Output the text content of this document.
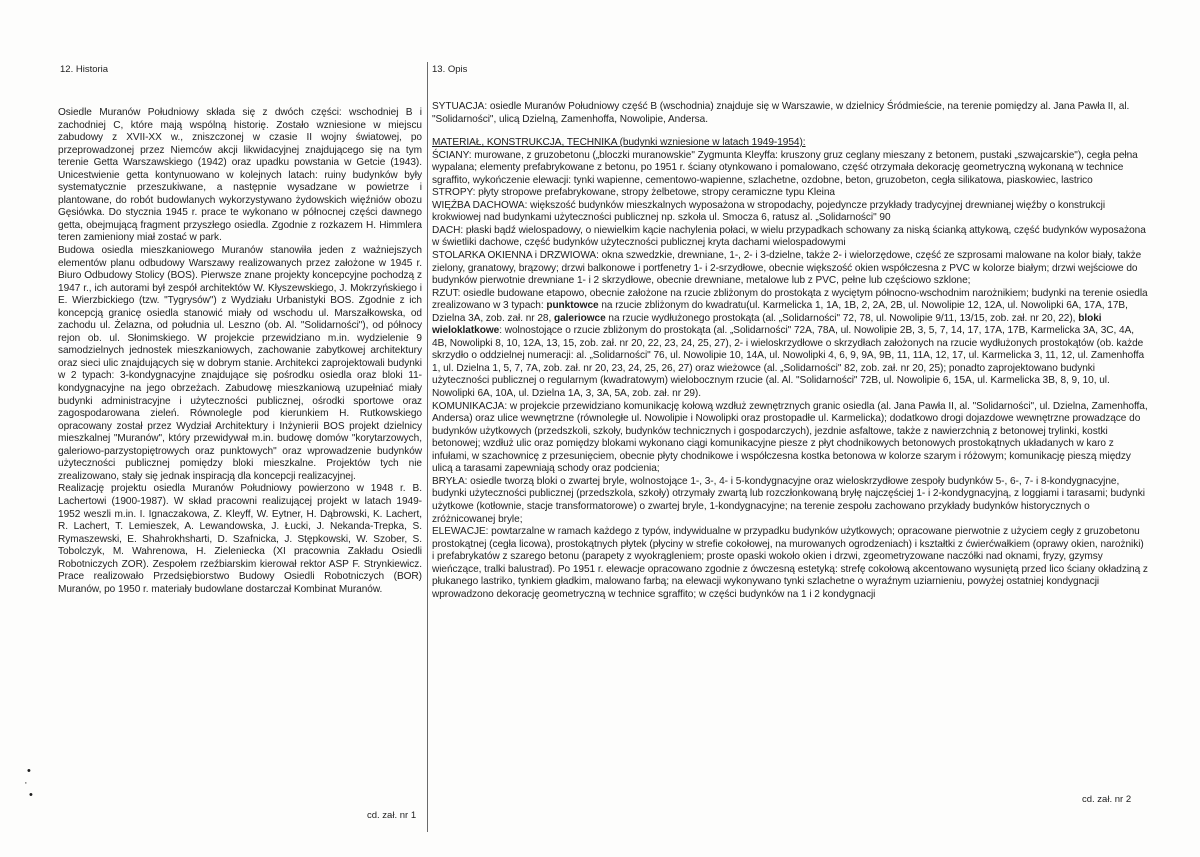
12. Historia	13. Opis

Osiedle Muranów Południowy składa się z dwóch części: wschodniej B i zachodniej C, które mają wspólną historię. Zostało wzniesione w miejscu zabudowy z XVII-XX w., zniszczonej w czasie II wojny światowej, po przeprowadzonej przez Niemców akcji likwidacyjnej znajdującego się na tym terenie Getta Warszawskiego (1942) oraz upadku powstania w Getcie (1943). Unicestwienie getta kontynuowano w kolejnych latach: ruiny budynków były systematycznie przeszukiwane, a następnie wysadzane w powietrze i plantowane, do robót budowlanych wykorzystywano żydowskich więźniów obozu Gęsiówka. Do stycznia 1945 r. prace te wykonano w północnej części dawnego getta, obejmującą fragment przyszłego osiedla. Zgodnie z rozkazem H. Himmlera teren zamieniony miał zostać w park.

Budowa osiedla mieszkaniowego Muranów stanowiła jeden z ważniejszych elementów planu odbudowy Warszawy realizowanych przez założone w 1945 r. Biuro Odbudowy Stolicy (BOS). Pierwsze znane projekty koncepcyjne pochodzą z 1947 r., ich autorami był zespół architektów W. Kłyszewskiego, J. Mokrzyńskiego i E. Wierzbickiego (tzw. "Tygrysów") z Wydziału Urbanistyki BOS. Zgodnie z ich koncepcją granicę osiedla stanowić miały od wschodu ul. Marszałkowska, od zachodu ul. Żelazna, od południa ul. Leszno (ob. Al. "Solidarności"), od północy rejon ob. ul. Słonimskiego. W projekcie przewidziano m.in. wydzielenie 9 samodzielnych jednostek mieszkaniowych, zachowanie zabytkowej architektury oraz sieci ulic znajdujących się w dobrym stanie. Architekci zaprojektowali budynki w 2 typach: 3-kondygnacyjne znajdujące się pośrodku osiedla oraz bloki 11-kondygnacyjne na jego obrzeżach. Zabudowę mieszkaniową uzupełniać miały budynki administracyjne i użyteczności publicznej, ośrodki sportowe oraz zagospodarowana zieleń. Równolegle pod kierunkiem H. Rutkowskiego opracowany został przez Wydział Architektury i Inżynierii BOS projekt dzielnicy mieszkalnej "Muranów", który przewidywał m.in. budowę domów "korytarzowych, galeriowo-parzystopiętrowych oraz punktowych" oraz wprowadzenie budynków użyteczności publicznej pomiędzy bloki mieszkalne. Projektów tych nie zrealizowano, stały się jednak inspiracją dla koncepcji realizacyjnej.

Realizację projektu osiedla Muranów Południowy powierzono w 1948 r. B. Lachertowi (1900-1987). W skład pracowni realizującej projekt w latach 1949-1952 weszli m.in. I. Ignaczakowa, Z. Kleyff, W. Eytner, H. Dąbrowski, K. Lachert, R. Lachert, T. Lemieszek, A. Lewandowska, J. Łucki, J. Nekanda-Trepka, S. Rymaszewski, E. Shahrokhsharti, D. Szafnicka, J. Stępkowski, W. Szober, S. Tobolczyk, M. Wahrenowa, H. Zieleniecka (XI pracownia Zakładu Osiedli Robotniczych ZOR). Zespołem rzeźbiarskim kierował rektor ASP F. Strynkiewicz. Prace realizowało Przedsiębiorstwo Budowy Osiedli Robotniczych (BOR) Muranów, po 1950 r. materiały budowlane dostarczał Kombinat Muranów.

SYTUACJA: osiedle Muranów Południowy część B (wschodnia) znajduje się w Warszawie, w dzielnicy Śródmieście, na terenie pomiędzy al. Jana Pawła II, al. "Solidarności", ulicą Dzielną, Zamenhoffa, Nowolipie, Andersa.

MATERIAŁ, KONSTRUKCJA, TECHNIKA (budynki wzniesione w latach 1949-1954):

ŚCIANY: murowane, z gruzobetonu („bloczki muranowskie" Zygmunta Kleyffa: kruszony gruz ceglany mieszany z betonem, pustaki „szwajcarskie"), cegła pełna wypalana; elementy prefabrykowane z betonu, po 1951 r. ściany otynkowano i pomalowano, część otrzymała dekorację geometryczną wykonaną w technice sgraffito, wykończenie elewacji: tynki wapienne, cementowo-wapienne, szlachetne, ozdobne, beton, gruzobeton, cegła silikatowa, piaskowiec, lastrico

STROPY: płyty stropowe prefabrykowane, stropy żelbetowe, stropy ceramiczne typu Kleina

WIĘŹBA DACHOWA: większość budynków mieszkalnych wyposażona w stropodachy, pojedyncze przykłady tradycyjnej drewnianej więźby o konstrukcji krokwiowej nad budynkami użyteczności publicznej np. szkoła ul. Smocza 6, ratusz al. „Solidarności" 90

DACH: płaski bądź wielospadowy, o niewielkim kącie nachylenia połaci, w wielu przypadkach schowany za niską ścianką attykową, część budynków wyposażona w świetliki dachowe, część budynków użyteczności publicznej kryta dachami wielospadowymi

STOLARKA OKIENNA i DRZWIOWA: okna szwedzkie, drewniane, 1-, 2- i 3-dzielne, także 2- i wielorzędowe, część ze szprosami malowane na kolor biały, także zielony, granatowy, brązowy; drzwi balkonowe i portfenetry 1- i 2-srzydłowe, obecnie większość okien współczesna z PVC w kolorze białym; drzwi wejściowe do budynków pierwotnie drewniane 1- i 2 skrzydłowe, obecnie drewniane, metalowe lub z PVC, pełne lub częściowo szklone;

RZUT: osiedle budowane etapowo, obecnie założone na rzucie zbliżonym do prostokąta z wyciętym północno-wschodnim narożnikiem; budynki na terenie osiedla zrealizowano w 3 typach: punktowce na rzucie zbliżonym do kwadratu(ul. Karmelicka 1, 1A, 1B, 2, 2A, 2B, ul. Nowolipie 12, 12A, ul. Nowolipki 6A, 17A, 17B, Dzielna 3A, zob. zał. nr 28, galeriowce na rzucie wydłużonego prostokąta (al. „Solidarności" 72, 78, ul. Nowolipie 9/11, 13/15, zob. zał. nr 20, 22), bloki wieloklatkowe: wolnostojące o rzucie zbliżonym do prostokąta (al. „Solidarności" 72A, 78A, ul. Nowolipie 2B, 3, 5, 7, 14, 17, 17A, 17B, Karmelicka 3A, 3C, 4A, 4B, Nowolipki 8, 10, 12A, 13, 15, zob. zał. nr 20, 22, 23, 24, 25, 27), 2- i wieloskrzydłowe o skrzydłach założonych na rzucie wydłużonych prostokątów (ob. każde skrzydło o oddzielnej numeracji: al. „Solidarności" 76, ul. Nowolipie 10, 14A, ul. Nowolipki 4, 6, 9, 9A, 9B, 11, 11A, 12, 17, ul. Karmelicka 3, 11, 12, ul. Zamenhoffa 1, ul. Dzielna 1, 5, 7, 7A, zob. zał. nr 20, 23, 24, 25, 26, 27) oraz wieżowce (al. „Solidarności" 82, zob. zał. nr 20, 25); ponadto zaprojektowano budynki użyteczności publicznej o regularnym (kwadratowym) wielobocznym rzucie (al. Al. "Solidarności" 72B, ul. Nowolipie 6, 15A, ul. Karmelicka 3B, 8, 9, 10, ul. Nowolipki 6A, 10A, ul. Dzielna 1A, 3, 3A, 5A, zob. zał. nr 29).

KOMUNIKACJA: w projekcie przewidziano komunikację kołową wzdłuż zewnętrznych granic osiedla (al. Jana Pawła II, al. "Solidarności", ul. Dzielna, Zamenhoffa, Andersa) oraz ulice wewnętrzne (równoległe ul. Nowolipie i Nowolipki oraz prostopadłe ul. Karmelicka); dodatkowo drogi dojazdowe wewnętrzne prowadzące do budynków użytkowych (przedszkoli, szkoły, budynków technicznych i gospodarczych), jezdnie asfaltowe, także z nawierzchnią z betonowej trylinki, kostki betonowej; wzdłuż ulic oraz pomiędzy blokami wykonano ciągi komunikacyjne piesze z płyt chodnikowych betonowych prostokątnych układanych w karo z infułami, w szachownicę z przesunięciem, obecnie płyty chodnikowe i współczesna kostka betonowa w kolorze szarym i różowym; komunikację pieszą między ulicą a tarasami zapewniają schody oraz podcienia;

BRYŁA: osiedle tworzą bloki o zwartej bryle, wolnostojące 1-, 3-, 4- i 5-kondygnacyjne oraz wieloskrzydłowe zespoły budynków 5-, 6-, 7- i 8-kondygnacyjne, budynki użyteczności publicznej (przedszkola, szkoły) otrzymały zwartą lub rozczłonkowaną bryłę najczęściej 1- i 2-kondygnacyjną, z loggiami i tarasami; budynki użytkowe (kotłownie, stacje transformatorowe) o zwartej bryle, 1-kondygnacyjne; na terenie zespołu zachowano przykłady budynków historycznych o zróżnicowanej bryle;

ELEWACJE: powtarzalne w ramach każdego z typów, indywidualne w przypadku budynków użytkowych; opracowane pierwotnie z użyciem cegły z gruzobetonu prostokątnej (cegła licowa), prostokątnych płytek (płyciny w strefie cokołowej, na murowanych ogrodzeniach) i kształtki z ćwierćwałkiem (oprawy okien, narożniki) i prefabrykatów z szarego betonu (parapety z wyokrągleniem; proste opaski wokoło okien i drzwi, zgeometryzowane naczółki nad oknami, fryzy, gzymsy wieńczące, tralki balustrad). Po 1951 r. elewacje opracowano zgodnie z ówczesną estetyką: strefę cokołową akcentowano wysuniętą przed lico ściany okładziną z płukanego lastriko, tynkiem gładkim, malowano farbą; na elewacji wykonywano tynki szlachetne o wyraźnym uziarnieniu, powyżej ostatniej kondygnacji wprowadzono dekorację geometryczną w technice sgraffito; w części budynków na 1 i 2 kondygnacji

cd. zał. nr 1
cd. zał. nr 2
•
·
•
